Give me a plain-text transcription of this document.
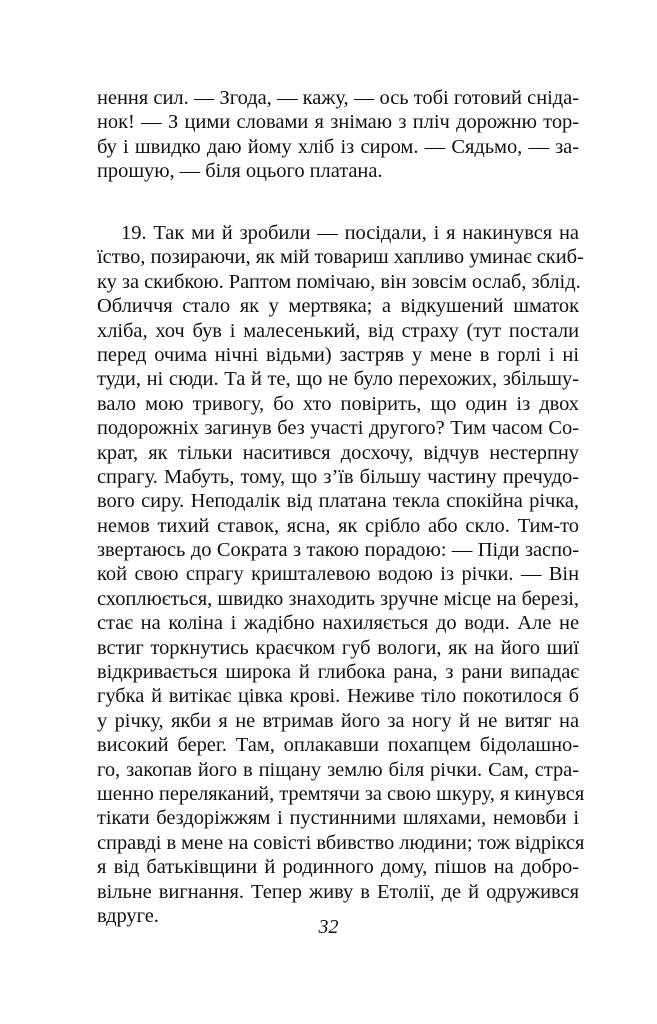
нення сил. — Згода, — кажу, — ось тобі готовий сніда-
нок! — З цими словами я знімаю з пліч дорожню тор-
бу і швидко даю йому хліб із сиром. — Сядьмо, — за-
прошую, — біля оцього платана.
19. Так ми й зробили — посідали, і я накинувся на
їство, позираючи, як мій товариш хапливо уминає скиб-
ку за скибкою. Раптом помічаю, він зовсім ослаб, зблід.
Обличчя стало як у мертвяка; а відкушений шматок
хліба, хоч був і малесенький, від страху (тут постали
перед очима нічні відьми) застряв у мене в горлі і ні
туди, ні сюди. Та й те, що не було перехожих, збільшу-
вало мою тривогу, бо хто повірить, що один із двох
подорожніх загинув без участі другого? Тим часом Со-
крат, як тільки наситився досхочу, відчув нестерпну
спрагу. Мабуть, тому, що з’їв більшу частину пречудо-
вого сиру. Неподалік від платана текла спокійна річка,
немов тихий ставок, ясна, як срібло або скло. Тим-то
звертаюсь до Сократа з такою порадою: — Піди заспо-
кой свою спрагу кришталевою водою із річки. — Він
схоплюється, швидко знаходить зручне місце на березі,
стає на коліна і жадібно нахиляється до води. Але не
встиг торкнутись краєчком губ вологи, як на його шиї
відкривається широка й глибока рана, з рани випадає
губка й витікає цівка крові. Неживе тіло покотилося б
у річку, якби я не втримав його за ногу й не витяг на
високий берег. Там, оплакавши похапцем бідолашно-
го, закопав його в піщану землю біля річки. Сам, стра-
шенно переляканий, тремтячи за свою шкуру, я кинувся
тікати бездоріжжям і пустинними шляхами, немовби і
справді в мене на совісті вбивство людини; тож відрікся
я від батьківщини й родинного дому, пішов на добро-
вільне вигнання. Тепер живу в Етолії, де й одружився
вдруге.
32
